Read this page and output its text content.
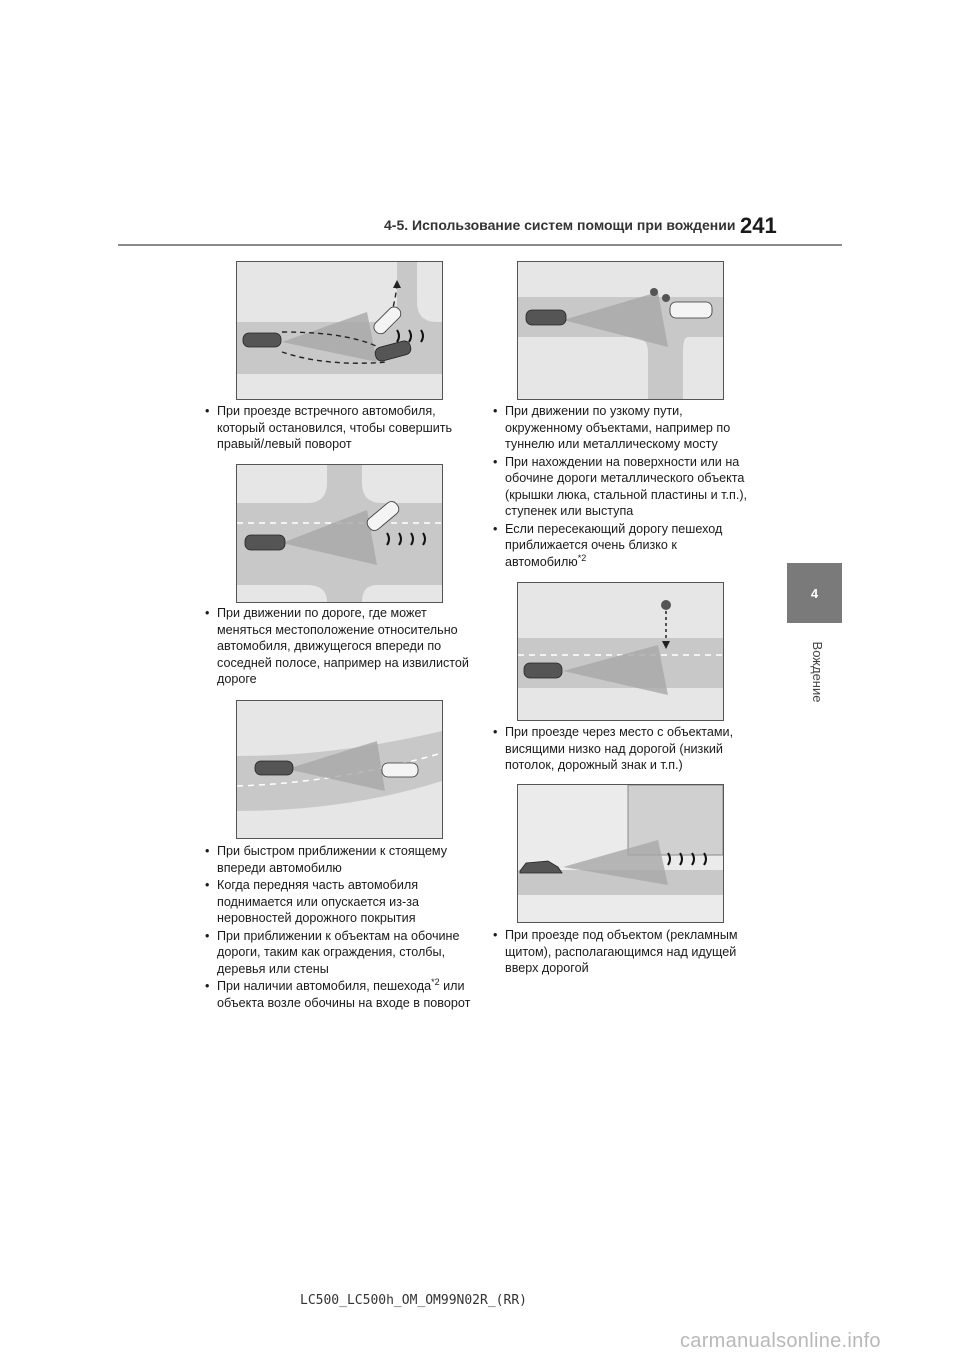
4-5. Использование систем помощи при вождении 241
4
Вождение
• При проезде встречного автомобиля, который остановился, чтобы совершить правый/левый поворот
• При движении по дороге, где может меняться местоположение относительно автомобиля, движущегося впереди по соседней полосе, например на извилистой дороге
• При быстром приближении к стоящему впереди автомобилю
• Когда передняя часть автомобиля поднимается или опускается из-за неровностей дорожного покрытия
• При приближении к объектам на обочине дороги, таким как ограждения, столбы, деревья или стены
• При наличии автомобиля, пешехода$^{*2}$ или объекта возле обочины на входе в поворот
• При движении по узкому пути, окруженному объектами, например по туннелю или металлическому мосту
• При нахождении на поверхности или на обочине дороги металлического объекта (крышки люка, стальной пластины и т.п.), ступенек или выступа
• Если пересекающий дорогу пешеход приближается очень близко к автомобилю$^{*2}$
• При проезде через место с объектами, висящими низко над дорогой (низкий потолок, дорожный знак и т.п.)
• При проезде под объектом (рекламным щитом), располагающимся над идущей вверх дорогой
LC500_LC500h_OM_OM99N02R_(RR)
carmanualsonline.info
